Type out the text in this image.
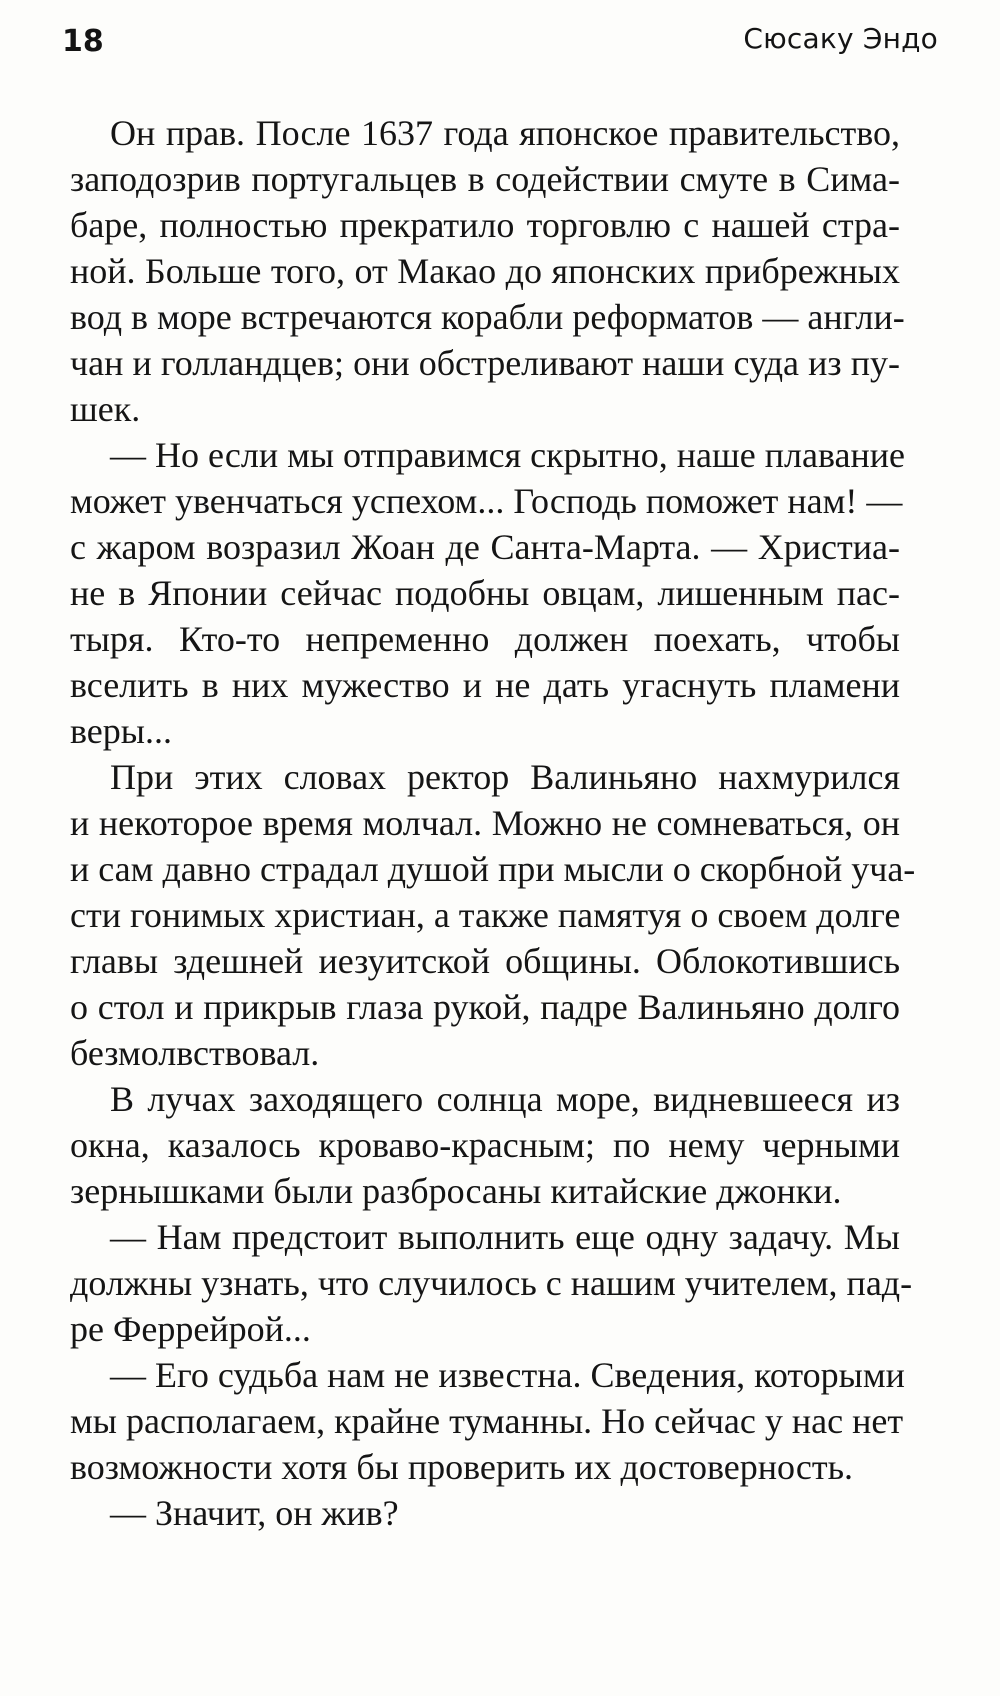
18	Сюсаку Эндо
Он прав. После 1637 года японское правительство,
заподозрив португальцев в содействии смуте в Сима-
баре, полностью прекратило торговлю с нашей стра-
ной. Больше того, от Макао до японских прибрежных
вод в море встречаются корабли реформатов — англи-
чан и голландцев; они обстреливают наши суда из пу-
шек.
— Но если мы отправимся скрытно, наше плавание
может увенчаться успехом... Господь поможет нам! —
с жаром возразил Жоан де Санта-Марта. — Христиа-
не в Японии сейчас подобны овцам, лишенным пас-
тыря. Кто-то непременно должен поехать, чтобы
вселить в них мужество и не дать угаснуть пламени
веры...
При этих словах ректор Валиньяно нахмурился
и некоторое время молчал. Можно не сомневаться, он
и сам давно страдал душой при мысли о скорбной уча-
сти гонимых христиан, а также памятуя о своем долге
главы здешней иезуитской общины. Облокотившись
о стол и прикрыв глаза рукой, падре Валиньяно долго
безмолвствовал.
В лучах заходящего солнца море, видневшееся из
окна, казалось кроваво-красным; по нему черными
зернышками были разбросаны китайские джонки.
— Нам предстоит выполнить еще одну задачу. Мы
должны узнать, что случилось с нашим учителем, пад-
ре Феррейрой...
— Его судьба нам не известна. Сведения, которыми
мы располагаем, крайне туманны. Но сейчас у нас нет
возможности хотя бы проверить их достоверность.
— Значит, он жив?
